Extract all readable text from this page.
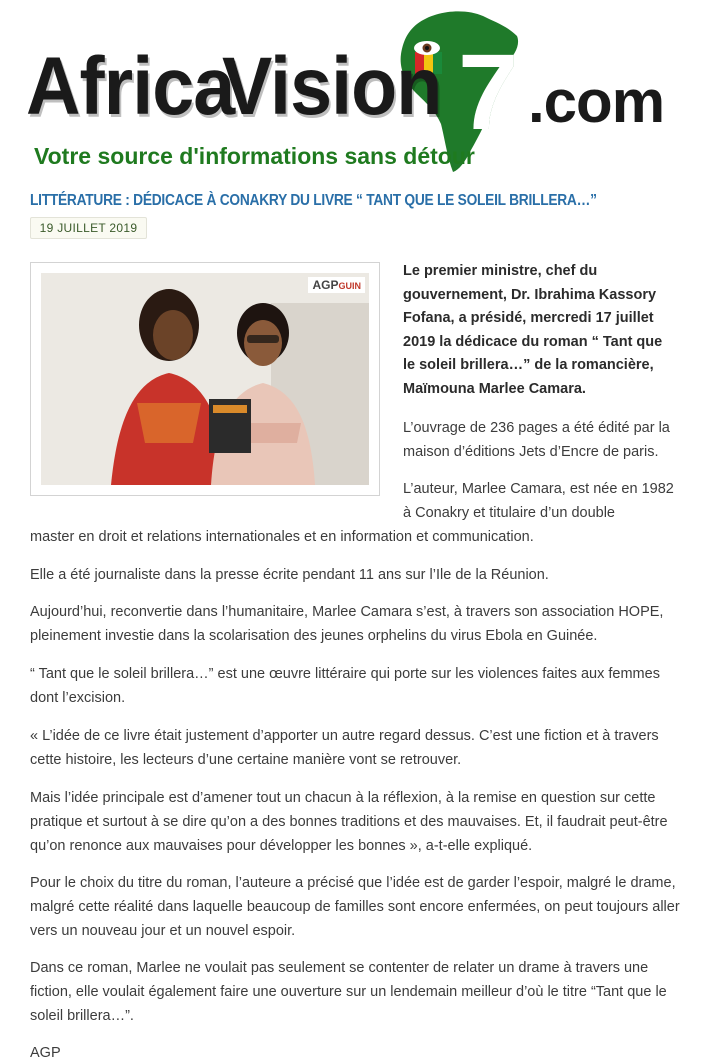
Africa
Vision 7 .com
Votre source d'informations sans détour
LITTÉRATURE : DÉDICACE À CONAKRY DU LIVRE “ TANT QUE LE SOLEIL BRILLERA…”
19 JUILLET 2019
AGPGUIN

Le premier ministre, chef du gouvernement, Dr. Ibrahima Kassory Fofana, a présidé, mercredi 17 juillet 2019 la dédicace du roman “ Tant que le soleil brillera…” de la romancière, Maïmouna Marlee Camara.

L’ouvrage de 236 pages a été édité par la maison d’éditions Jets d’Encre de paris.

L’auteur, Marlee Camara, est née en 1982 à Conakry et titulaire d’un double

master en droit et relations internationales et en information et communication.

Elle a été journaliste dans la presse écrite pendant 11 ans sur l’Ile de la Réunion.

Aujourd’hui, reconvertie dans l’humanitaire, Marlee Camara s’est, à travers son association HOPE, pleinement investie dans la scolarisation des jeunes orphelins du virus Ebola en Guinée.

“ Tant que le soleil brillera…” est une œuvre littéraire qui porte sur les violences faites aux femmes dont l’excision.

« L’idée de ce livre était justement d’apporter un autre regard dessus. C’est une fiction et à travers cette histoire, les lecteurs d’une certaine manière vont se retrouver.

Mais l’idée principale est d’amener tout un chacun à la réflexion, à la remise en question sur cette pratique et surtout à se dire qu’on a des bonnes traditions et des mauvaises. Et, il faudrait peut-être qu’on renonce aux mauvaises pour développer les bonnes », a-t-elle expliqué.

Pour le choix du titre du roman, l’auteure a précisé que l’idée est de garder l’espoir, malgré le drame, malgré cette réalité dans laquelle beaucoup de familles sont encore enfermées, on peut toujours aller vers un nouveau jour et un nouvel espoir.

Dans ce roman, Marlee ne voulait pas seulement se contenter de relater un drame à travers une fiction, elle voulait également faire une ouverture sur un lendemain meilleur d’où le titre “Tant que le soleil brillera…”.

AGP
